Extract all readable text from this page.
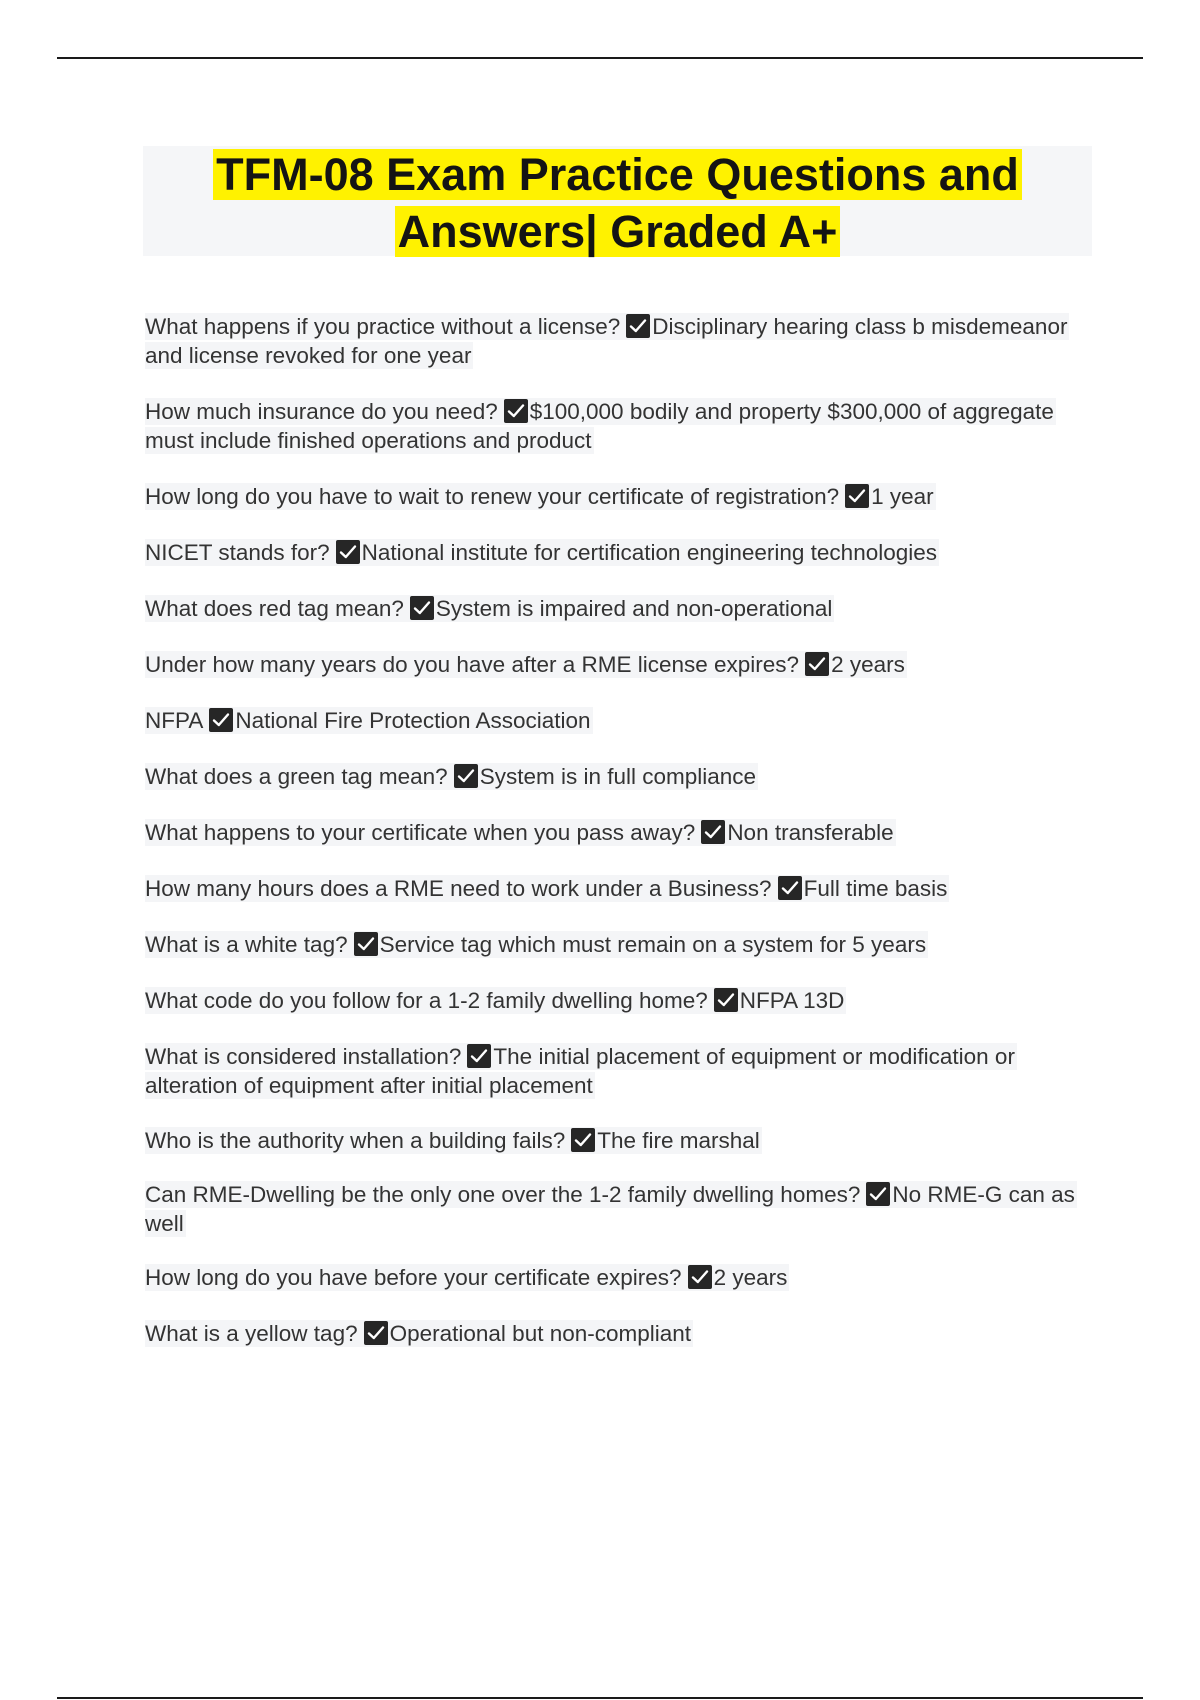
TFM-08 Exam Practice Questions and
Answers| Graded A+
What happens if you practice without a license? Disciplinary hearing class b misdemeanor and license revoked for one year
How much insurance do you need? $100,000 bodily and property $300,000 of aggregate must include finished operations and product
How long do you have to wait to renew your certificate of registration? 1 year
NICET stands for? National institute for certification engineering technologies
What does red tag mean? System is impaired and non-operational
Under how many years do you have after a RME license expires? 2 years
NFPA National Fire Protection Association
What does a green tag mean? System is in full compliance
What happens to your certificate when you pass away? Non transferable
How many hours does a RME need to work under a Business? Full time basis
What is a white tag? Service tag which must remain on a system for 5 years
What code do you follow for a 1-2 family dwelling home? NFPA 13D
What is considered installation? The initial placement of equipment or modification or alteration of equipment after initial placement
Who is the authority when a building fails? The fire marshal
Can RME-Dwelling be the only one over the 1-2 family dwelling homes? No RME-G can as well
How long do you have before your certificate expires? 2 years
What is a yellow tag? Operational but non-compliant
